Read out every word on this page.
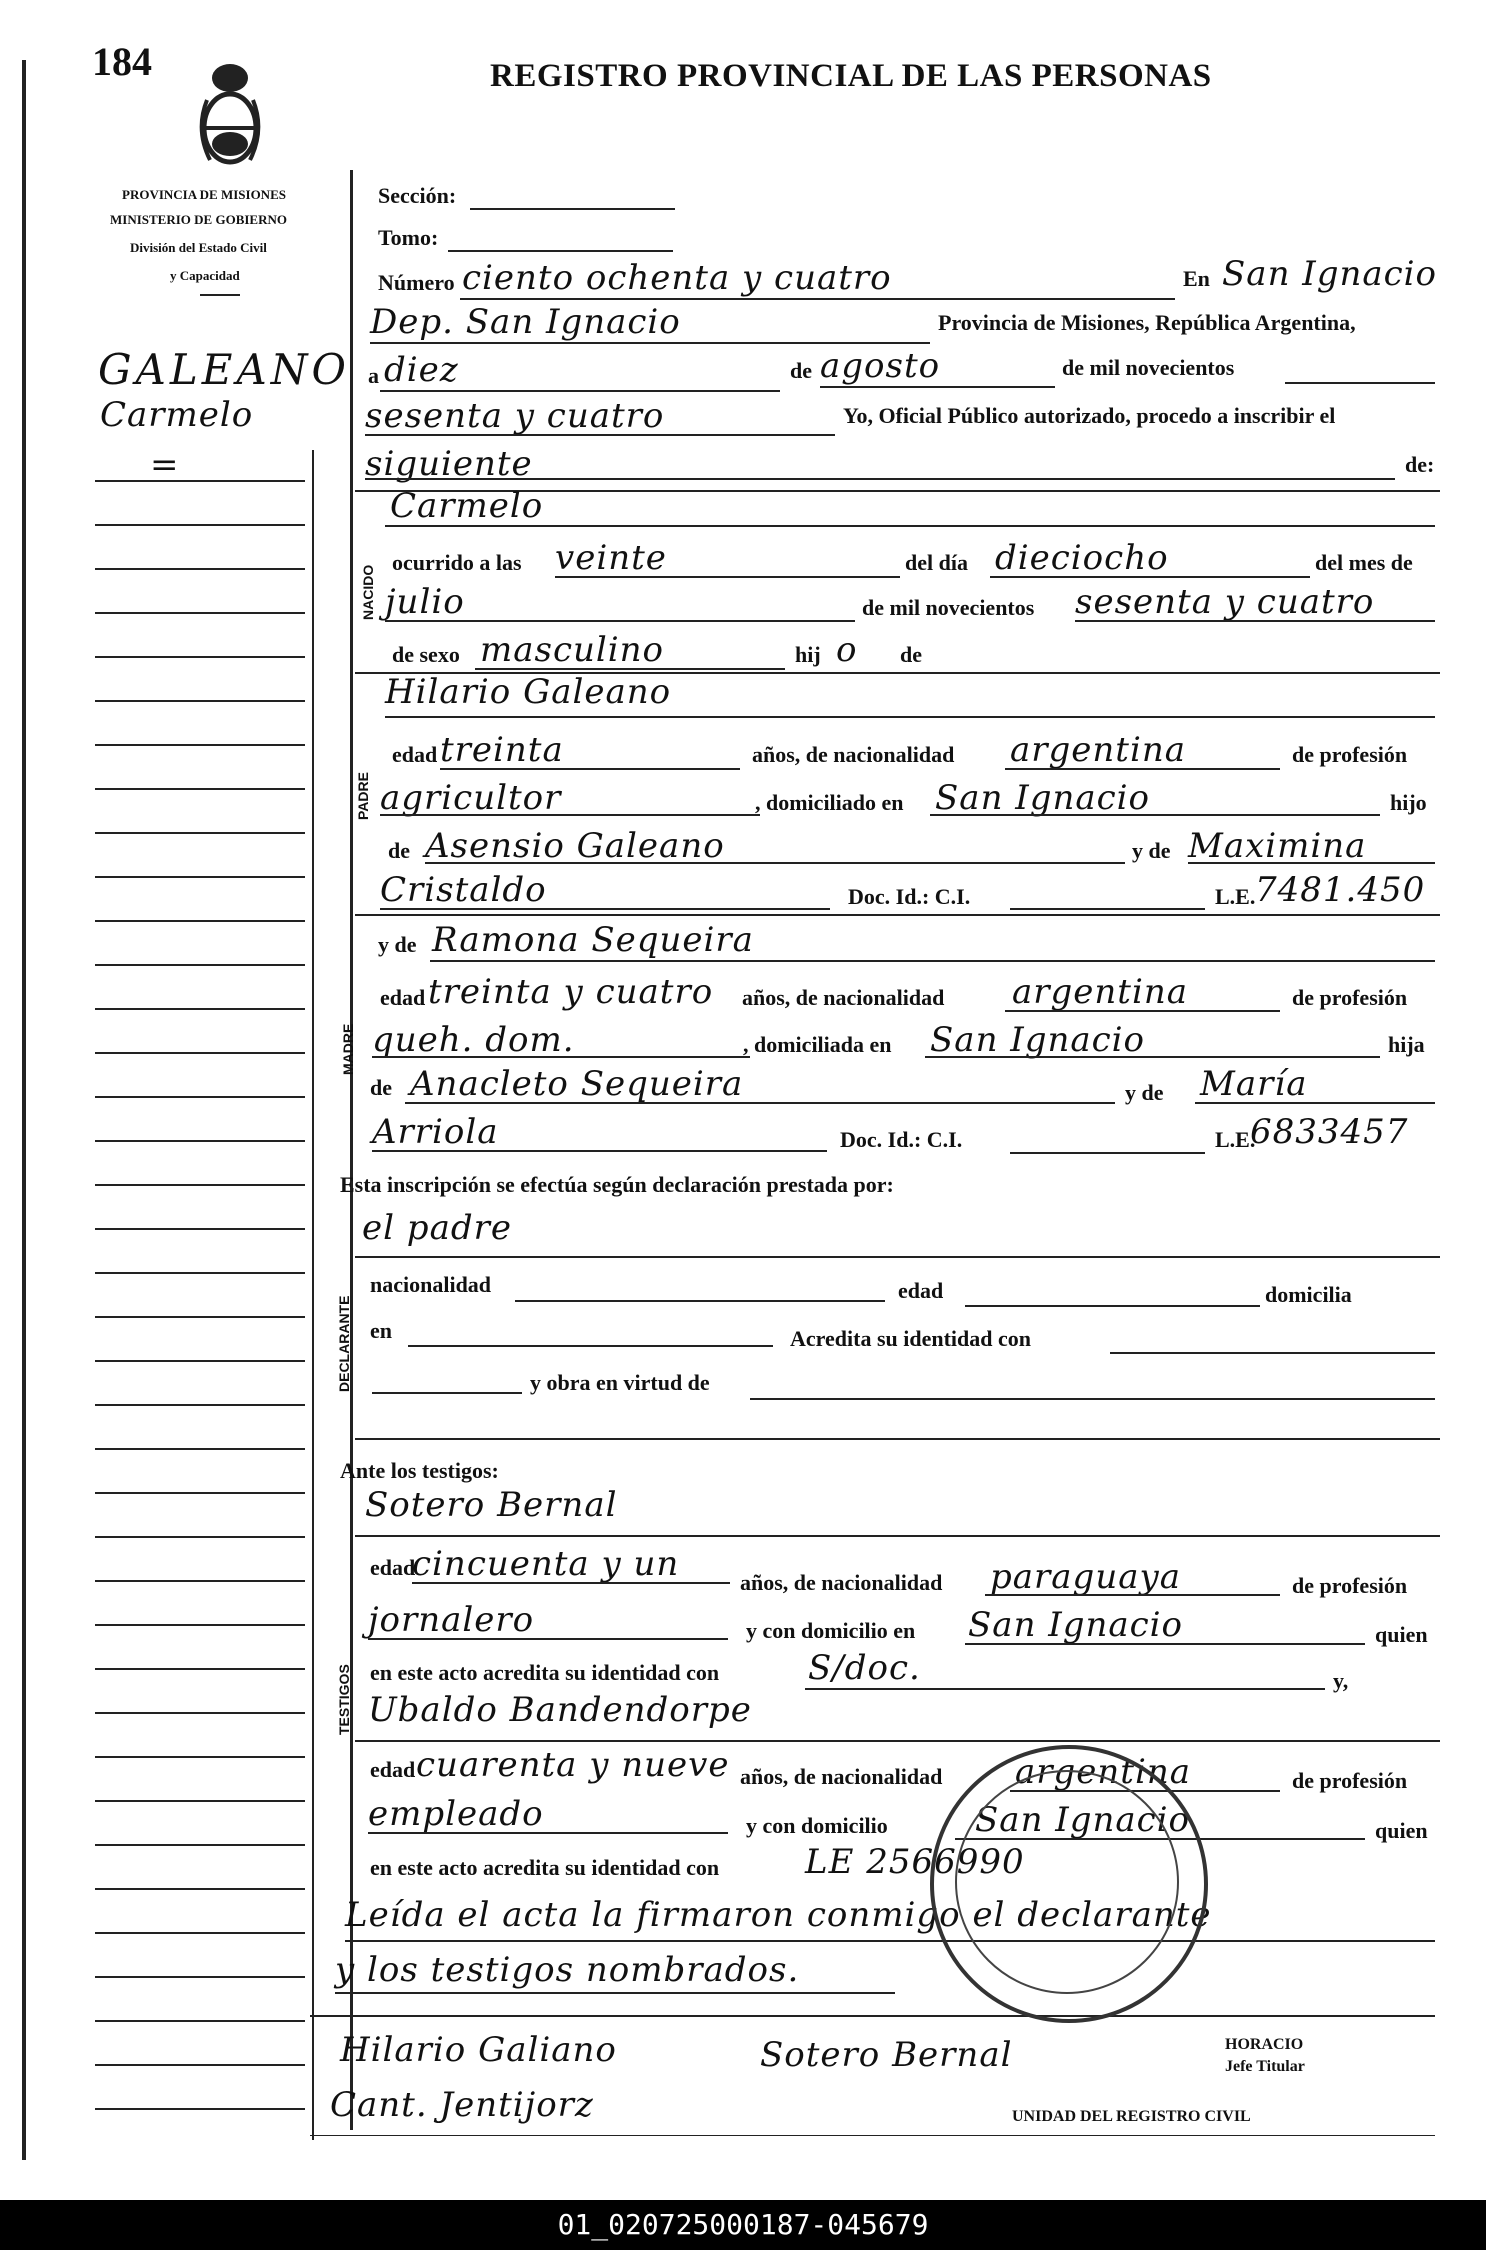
184	REGISTRO PROVINCIAL DE LAS PERSONAS
PROVINCIA DE MISIONES
MINISTERIO DE GOBIERNO
División del Estado Civil
y Capacidad
GALEANO
Carmelo
=
Sección:
Tomo:
Número ciento ochenta y cuatro	En San Ignacio
Dep. San Ignacio	Provincia de Misiones, República Argentina,
a diez	de agosto	de mil novecientos
sesenta y cuatro	Yo, Oficial Público autorizado, procedo a inscribir el
siguiente	de:
NACIDO
Carmelo
ocurrido a las veinte	del día dieciocho	del mes de
julio	de mil novecientos sesenta y cuatro
de sexo masculino	hij o de
PADRE
Hilario Galeano
edad treinta	años, de nacionalidad argentina	de profesión
agricultor	, domiciliado en San Ignacio	hijo
de Asensio Galeano	y de Maximina
Cristaldo	Doc. Id.: C.I.	L.E. 7481.450
MADRE
y de Ramona Sequeira
edad treinta y cuatro años, de nacionalidad argentina	de profesión
queh. dom.	, domiciliada en San Ignacio	hija
de Anacleto Sequeira	y de María
Arriola	Doc. Id.: C.I.	L.E.
6833457
Esta inscripción se efectúa según declaración prestada por:
DECLARANTE
el padre
nacionalidad	edad	domicilia
en	Acredita su identidad con
y obra en virtud de
Ante los testigos:
TESTIGOS
Sotero Bernal
edad
cincuenta y un	años, de nacionalidad paraguaya	de profesión
jornalero	y con domicilio en San Ignacio	quien
en este acto acredita su identidad con	S/doc.	y,
Ubaldo Bandendorpe
edad cuarenta y nueve años, de nacionalidad argentina	de profesión
empleado	y con domicilio	San Ignacio	quien
en este acto acredita su identidad con	LE 2566990
Leída el acta la firmaron conmigo el declarante
y los testigos nombrados.
HORACIO
Jefe Titular
UNIDAD DEL REGISTRO CIVIL
Hilario Galiano	Sotero Bernal
Cant. Jentijorz
01_020725000187-045679
